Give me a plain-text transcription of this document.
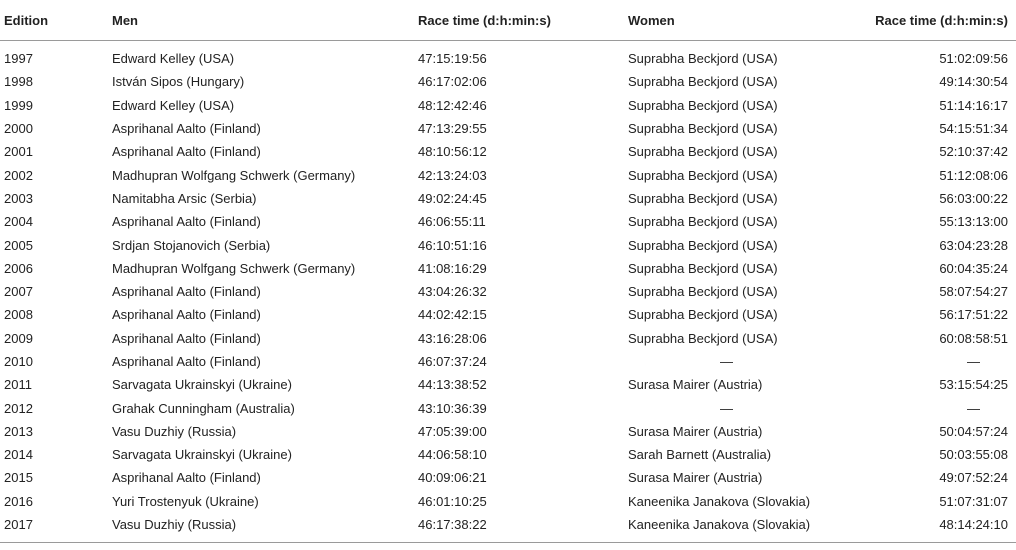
Edition	Men	Race time (d:h:min:s)	Women	Race time (d:h:min:s)
1997	Edward Kelley (USA)	47:15:19:56	Suprabha Beckjord (USA)	51:02:09:56
1998	István Sipos (Hungary)	46:17:02:06	Suprabha Beckjord (USA)	49:14:30:54
1999	Edward Kelley (USA)	48:12:42:46	Suprabha Beckjord (USA)	51:14:16:17
2000	Asprihanal Aalto (Finland)	47:13:29:55	Suprabha Beckjord (USA)	54:15:51:34
2001	Asprihanal Aalto (Finland)	48:10:56:12	Suprabha Beckjord (USA)	52:10:37:42
2002	Madhupran Wolfgang Schwerk (Germany)	42:13:24:03	Suprabha Beckjord (USA)	51:12:08:06
2003	Namitabha Arsic (Serbia)	49:02:24:45	Suprabha Beckjord (USA)	56:03:00:22
2004	Asprihanal Aalto (Finland)	46:06:55:11	Suprabha Beckjord (USA)	55:13:13:00
2005	Srdjan Stojanovich (Serbia)	46:10:51:16	Suprabha Beckjord (USA)	63:04:23:28
2006	Madhupran Wolfgang Schwerk (Germany)	41:08:16:29	Suprabha Beckjord (USA)	60:04:35:24
2007	Asprihanal Aalto (Finland)	43:04:26:32	Suprabha Beckjord (USA)	58:07:54:27
2008	Asprihanal Aalto (Finland)	44:02:42:15	Suprabha Beckjord (USA)	56:17:51:22
2009	Asprihanal Aalto (Finland)	43:16:28:06	Suprabha Beckjord (USA)	60:08:58:51
2010	Asprihanal Aalto (Finland)	46:07:37:24	—	—
2011	Sarvagata Ukrainskyi (Ukraine)	44:13:38:52	Surasa Mairer (Austria)	53:15:54:25
2012	Grahak Cunningham (Australia)	43:10:36:39	—	—
2013	Vasu Duzhiy (Russia)	47:05:39:00	Surasa Mairer (Austria)	50:04:57:24
2014	Sarvagata Ukrainskyi (Ukraine)	44:06:58:10	Sarah Barnett (Australia)	50:03:55:08
2015	Asprihanal Aalto (Finland)	40:09:06:21	Surasa Mairer (Austria)	49:07:52:24
2016	Yuri Trostenyuk (Ukraine)	46:01:10:25	Kaneenika Janakova (Slovakia)	51:07:31:07
2017	Vasu Duzhiy (Russia)	46:17:38:22	Kaneenika Janakova (Slovakia)	48:14:24:10
